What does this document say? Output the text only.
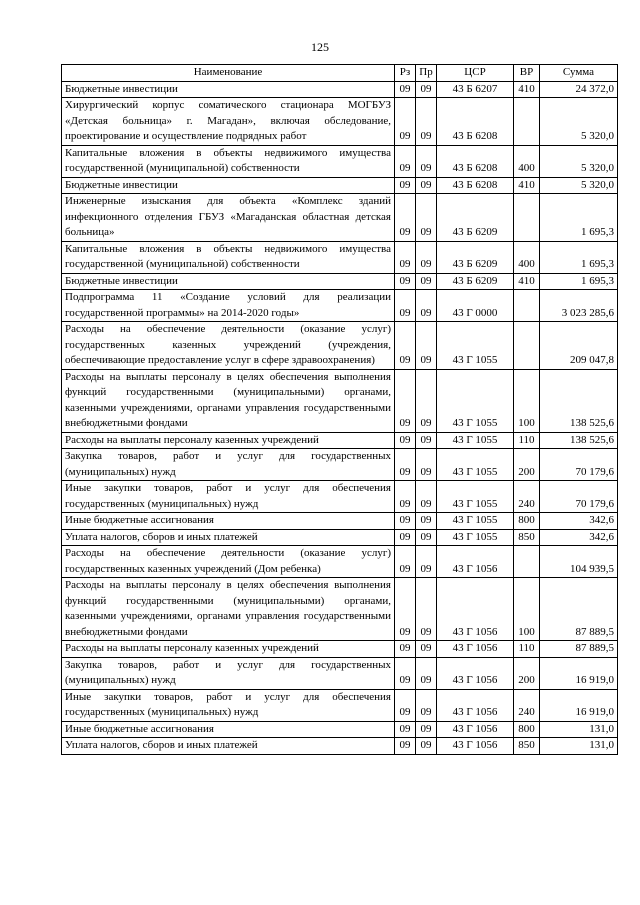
125
Наименование	Рз	Пр	ЦСР	ВР	Сумма
Бюджетные инвестиции	09	09	43 Б 6207	410	24 372,0
Хирургический корпус соматического стационара МОГБУЗ «Детская больница» г. Магадан», включая обследование, проектирование и осуществление подрядных работ	09	09	43 Б 6208		5 320,0
Капитальные вложения в объекты недвижимого имущества государственной (муниципальной) собственности	09	09	43 Б 6208	400	5 320,0
Бюджетные инвестиции	09	09	43 Б 6208	410	5 320,0
Инженерные изыскания для объекта «Комплекс зданий инфекционного отделения ГБУЗ «Магаданская областная детская больница»	09	09	43 Б 6209		1 695,3
Капитальные вложения в объекты недвижимого имущества государственной (муниципальной) собственности	09	09	43 Б 6209	400	1 695,3
Бюджетные инвестиции	09	09	43 Б 6209	410	1 695,3
Подпрограмма 11 «Создание условий для реализации государственной программы» на 2014-2020 годы»	09	09	43 Г 0000		3 023 285,6
Расходы на обеспечение деятельности (оказание услуг) государственных казенных учреждений (учреждения, обеспечивающие предоставление услуг в сфере здравоохранения)	09	09	43 Г 1055		209 047,8
Расходы на выплаты персоналу в целях обеспечения выполнения функций государственными (муниципальными) органами, казенными учреждениями, органами управления государственными внебюджетными фондами	09	09	43 Г 1055	100	138 525,6
Расходы на выплаты персоналу казенных учреждений	09	09	43 Г 1055	110	138 525,6
Закупка товаров, работ и услуг для государственных (муниципальных) нужд	09	09	43 Г 1055	200	70 179,6
Иные закупки товаров, работ и услуг для обеспечения государственных (муниципальных) нужд	09	09	43 Г 1055	240	70 179,6
Иные бюджетные ассигнования	09	09	43 Г 1055	800	342,6
Уплата налогов, сборов и иных платежей	09	09	43 Г 1055	850	342,6
Расходы на обеспечение деятельности (оказание услуг) государственных казенных учреждений (Дом ребенка)	09	09	43 Г 1056		104 939,5
Расходы на выплаты персоналу в целях обеспечения выполнения функций государственными (муниципальными) органами, казенными учреждениями, органами управления государственными внебюджетными фондами	09	09	43 Г 1056	100	87 889,5
Расходы на выплаты персоналу казенных учреждений	09	09	43 Г 1056	110	87 889,5
Закупка товаров, работ и услуг для государственных (муниципальных) нужд	09	09	43 Г 1056	200	16 919,0
Иные закупки товаров, работ и услуг для обеспечения государственных (муниципальных) нужд	09	09	43 Г 1056	240	16 919,0
Иные бюджетные ассигнования	09	09	43 Г 1056	800	131,0
Уплата налогов, сборов и иных платежей	09	09	43 Г 1056	850	131,0
